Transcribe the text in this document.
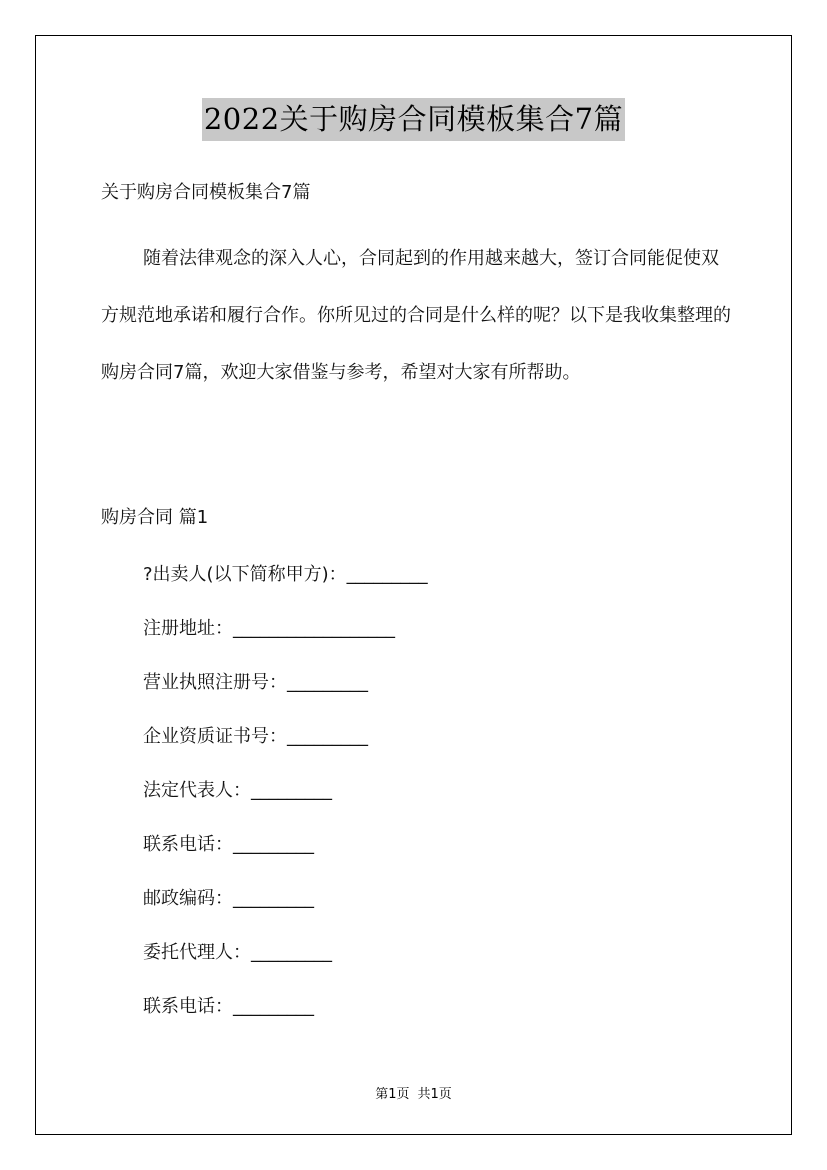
2022关于购房合同模板集合7篇
关于购房合同模板集合7篇
随着法律观念的深入人心，合同起到的作用越来越大，签订合同能促使双方规范地承诺和履行合作。你所见过的合同是什么样的呢？以下是我收集整理的购房合同7篇，欢迎大家借鉴与参考，希望对大家有所帮助。
购房合同 篇1
?出卖人(以下简称甲方)：_________
注册地址：__________________
营业执照注册号：_________
企业资质证书号：_________
法定代表人：_________
联系电话：_________
邮政编码：_________
委托代理人：_________
联系电话：_________
第1页 共1页
